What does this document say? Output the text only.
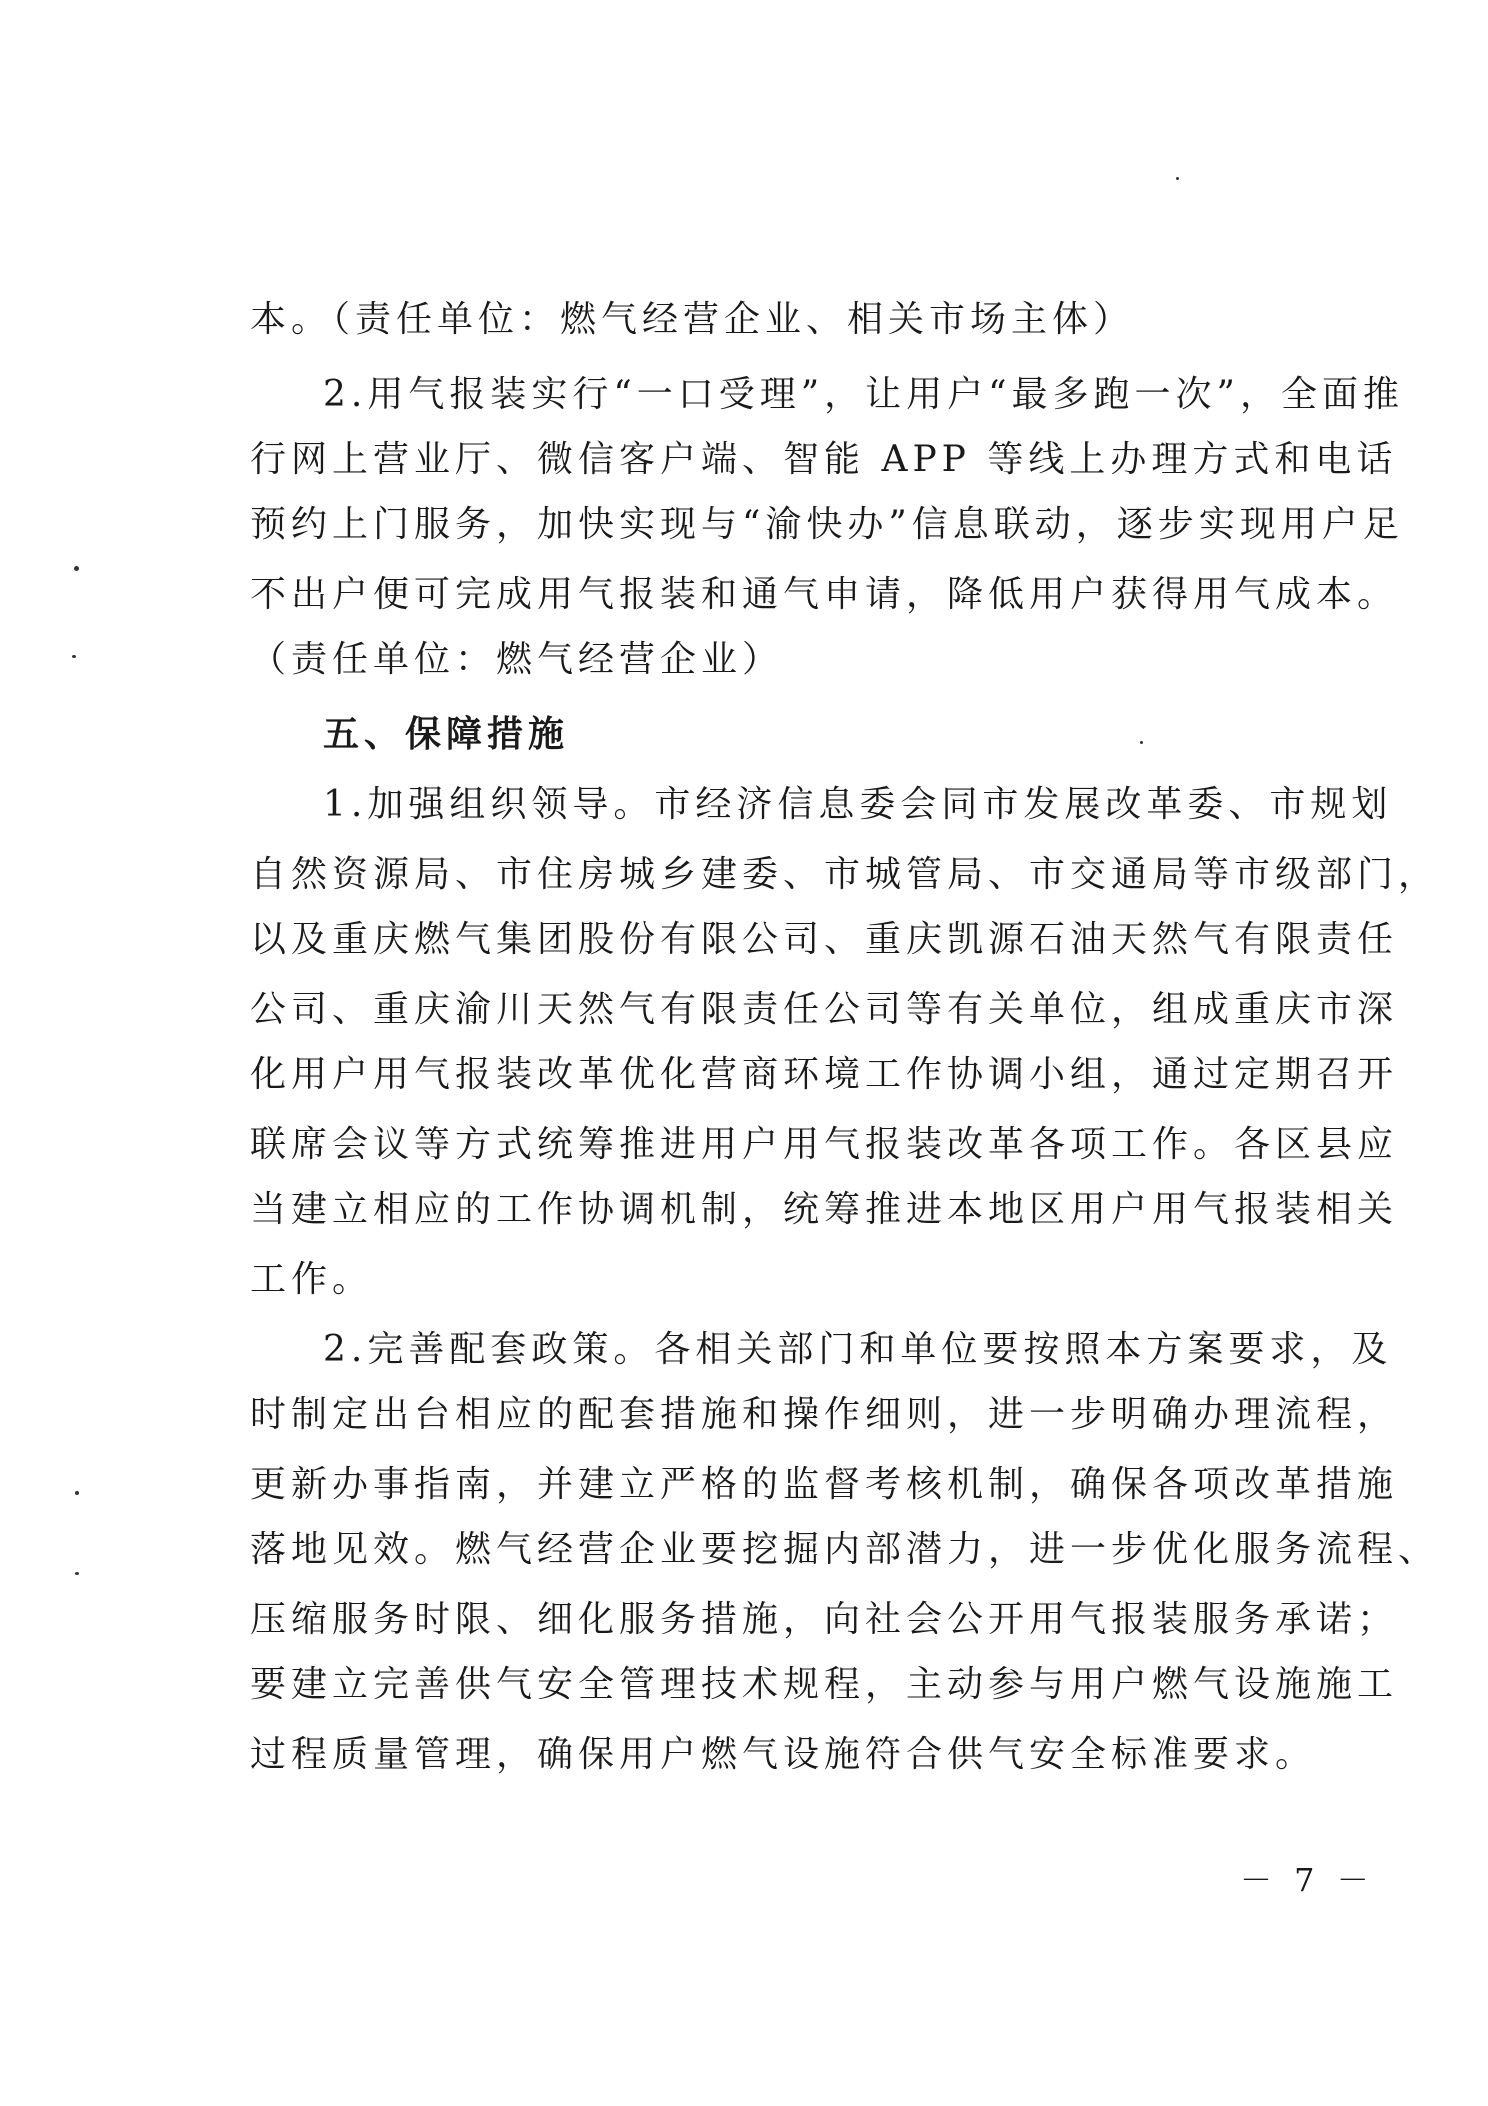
本。（责任单位：燃气经营企业、相关市场主体）
2.用气报装实行“一口受理”，让用户“最多跑一次”，全面推
行网上营业厅、微信客户端、智能 APP 等线上办理方式和电话
预约上门服务，加快实现与“渝快办”信息联动，逐步实现用户足
不出户便可完成用气报装和通气申请，降低用户获得用气成本。
（责任单位：燃气经营企业）
五、保障措施
1.加强组织领导。市经济信息委会同市发展改革委、市规划
自然资源局、市住房城乡建委、市城管局、市交通局等市级部门，
以及重庆燃气集团股份有限公司、重庆凯源石油天然气有限责任
公司、重庆渝川天然气有限责任公司等有关单位，组成重庆市深
化用户用气报装改革优化营商环境工作协调小组，通过定期召开
联席会议等方式统筹推进用户用气报装改革各项工作。各区县应
当建立相应的工作协调机制，统筹推进本地区用户用气报装相关
工作。
2.完善配套政策。各相关部门和单位要按照本方案要求，及
时制定出台相应的配套措施和操作细则，进一步明确办理流程，
更新办事指南，并建立严格的监督考核机制，确保各项改革措施
落地见效。燃气经营企业要挖掘内部潜力，进一步优化服务流程、
压缩服务时限、细化服务措施，向社会公开用气报装服务承诺；
要建立完善供气安全管理技术规程，主动参与用户燃气设施施工
过程质量管理，确保用户燃气设施符合供气安全标准要求。
－ 7 －
